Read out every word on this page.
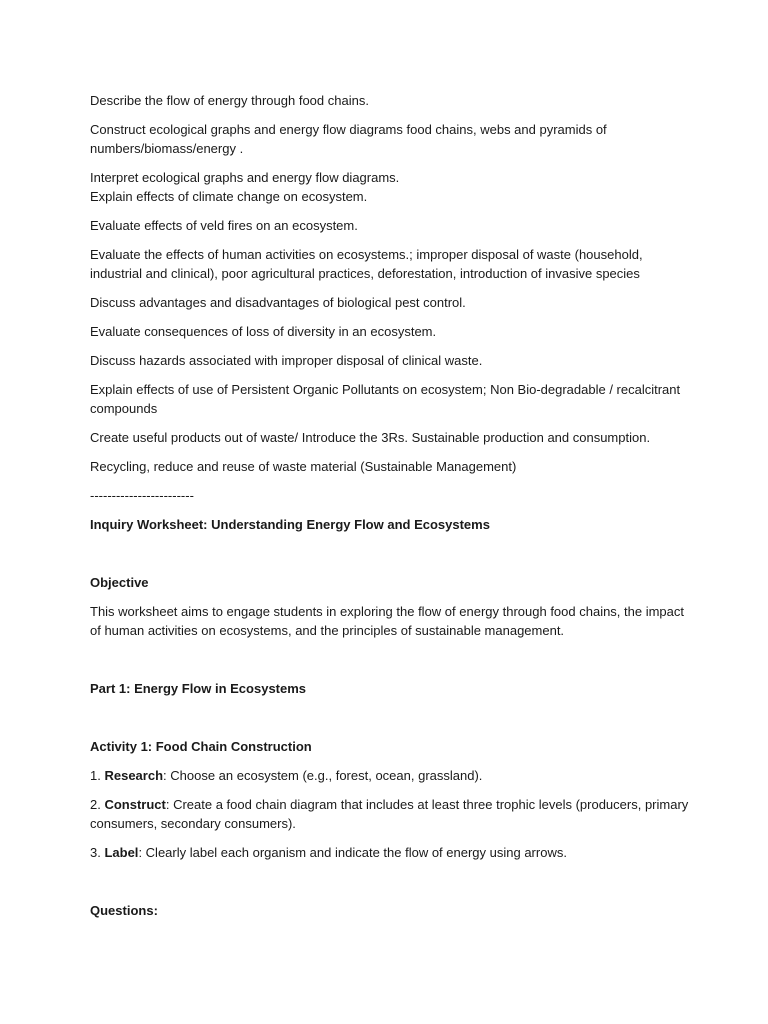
Describe the flow of energy through food chains.

Construct ecological graphs and energy flow diagrams food chains, webs and pyramids of numbers/biomass/energy .

Interpret ecological graphs and energy flow diagrams.

Explain effects of climate change on ecosystem.

Evaluate effects of veld fires on an ecosystem.

Evaluate the effects of human activities on ecosystems.; improper disposal of waste (household, industrial and clinical), poor agricultural practices, deforestation, introduction of invasive species

Discuss advantages and disadvantages of biological pest control.

Evaluate consequences of loss of diversity in an ecosystem.

Discuss hazards associated with improper disposal of clinical waste.

Explain effects of use of Persistent Organic Pollutants on ecosystem; Non Bio-degradable / recalcitrant compounds

Create useful products out of waste/ Introduce the 3Rs. Sustainable production and consumption.

Recycling, reduce and reuse of waste material (Sustainable Management)

------------------------

Inquiry Worksheet: Understanding Energy Flow and Ecosystems

Objective

This worksheet aims to engage students in exploring the flow of energy through food chains, the impact of human activities on ecosystems, and the principles of sustainable management.

Part 1: Energy Flow in Ecosystems

Activity 1: Food Chain Construction

1. Research: Choose an ecosystem (e.g., forest, ocean, grassland).

2. Construct: Create a food chain diagram that includes at least three trophic levels (producers, primary consumers, secondary consumers).

3. Label: Clearly label each organism and indicate the flow of energy using arrows.

Questions:
